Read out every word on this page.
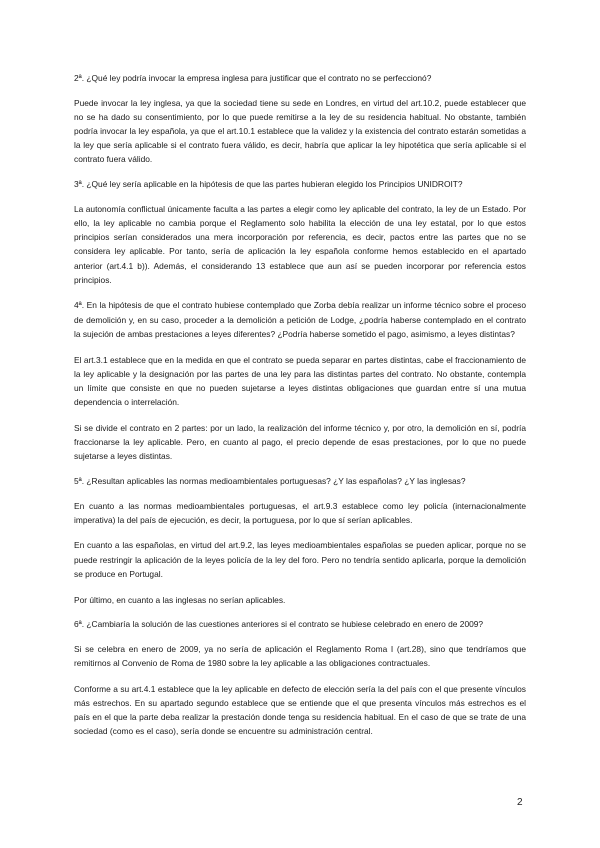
2ª. ¿Qué ley podría invocar la empresa inglesa para justificar que el contrato no se perfeccionó?

Puede invocar la ley inglesa, ya que la sociedad tiene su sede en Londres, en virtud del art.10.2, puede establecer que no se ha dado su consentimiento, por lo que puede remitirse a la ley de su residencia habitual. No obstante, también podría invocar la ley española, ya que el art.10.1 establece que la validez y la existencia del contrato estarán sometidas a la ley que sería aplicable si el contrato fuera válido, es decir, habría que aplicar la ley hipotética que sería aplicable si el contrato fuera válido.

3ª. ¿Qué ley sería aplicable en la hipótesis de que las partes hubieran elegido los Principios UNIDROIT?

La autonomía conflictual únicamente faculta a las partes a elegir como ley aplicable del contrato, la ley de un Estado. Por ello, la ley aplicable no cambia porque el Reglamento solo habilita la elección de una ley estatal, por lo que estos principios serían considerados una mera incorporación por referencia, es decir, pactos entre las partes que no se considera ley aplicable. Por tanto, sería de aplicación la ley española conforme hemos establecido en el apartado anterior (art.4.1 b)). Además, el considerando 13 establece que aun así se pueden incorporar por referencia estos principios.

4ª. En la hipótesis de que el contrato hubiese contemplado que Zorba debía realizar un informe técnico sobre el proceso de demolición y, en su caso, proceder a la demolición a petición de Lodge, ¿podría haberse contemplado en el contrato la sujeción de ambas prestaciones a leyes diferentes? ¿Podría haberse sometido el pago, asimismo, a leyes distintas?

El art.3.1 establece que en la medida en que el contrato se pueda separar en partes distintas, cabe el fraccionamiento de la ley aplicable y la designación por las partes de una ley para las distintas partes del contrato. No obstante, contempla un límite que consiste en que no pueden sujetarse a leyes distintas obligaciones que guardan entre sí una mutua dependencia o interrelación.

Si se divide el contrato en 2 partes: por un lado, la realización del informe técnico y, por otro, la demolición en sí, podría fraccionarse la ley aplicable. Pero, en cuanto al pago, el precio depende de esas prestaciones, por lo que no puede sujetarse a leyes distintas.

5ª. ¿Resultan aplicables las normas medioambientales portuguesas? ¿Y las españolas? ¿Y las inglesas?

En cuanto a las normas medioambientales portuguesas, el art.9.3 establece como ley policía (internacionalmente imperativa) la del país de ejecución, es decir, la portuguesa, por lo que sí serían aplicables.

En cuanto a las españolas, en virtud del art.9.2, las leyes medioambientales españolas se pueden aplicar, porque no se puede restringir la aplicación de la leyes policía de la ley del foro. Pero no tendría sentido aplicarla, porque la demolición se produce en Portugal.

Por último, en cuanto a las inglesas no serían aplicables.

6ª. ¿Cambiaría la solución de las cuestiones anteriores si el contrato se hubiese celebrado en enero de 2009?

Si se celebra en enero de 2009, ya no sería de aplicación el Reglamento Roma I (art.28), sino que tendríamos que remitirnos al Convenio de Roma de 1980 sobre la ley aplicable a las obligaciones contractuales.

Conforme a su art.4.1 establece que la ley aplicable en defecto de elección sería la del país con el que presente vínculos más estrechos. En su apartado segundo establece que se entiende que el que presenta vínculos más estrechos es el país en el que la parte deba realizar la prestación donde tenga su residencia habitual. En el caso de que se trate de una sociedad (como es el caso), sería donde se encuentre su administración central.

2
